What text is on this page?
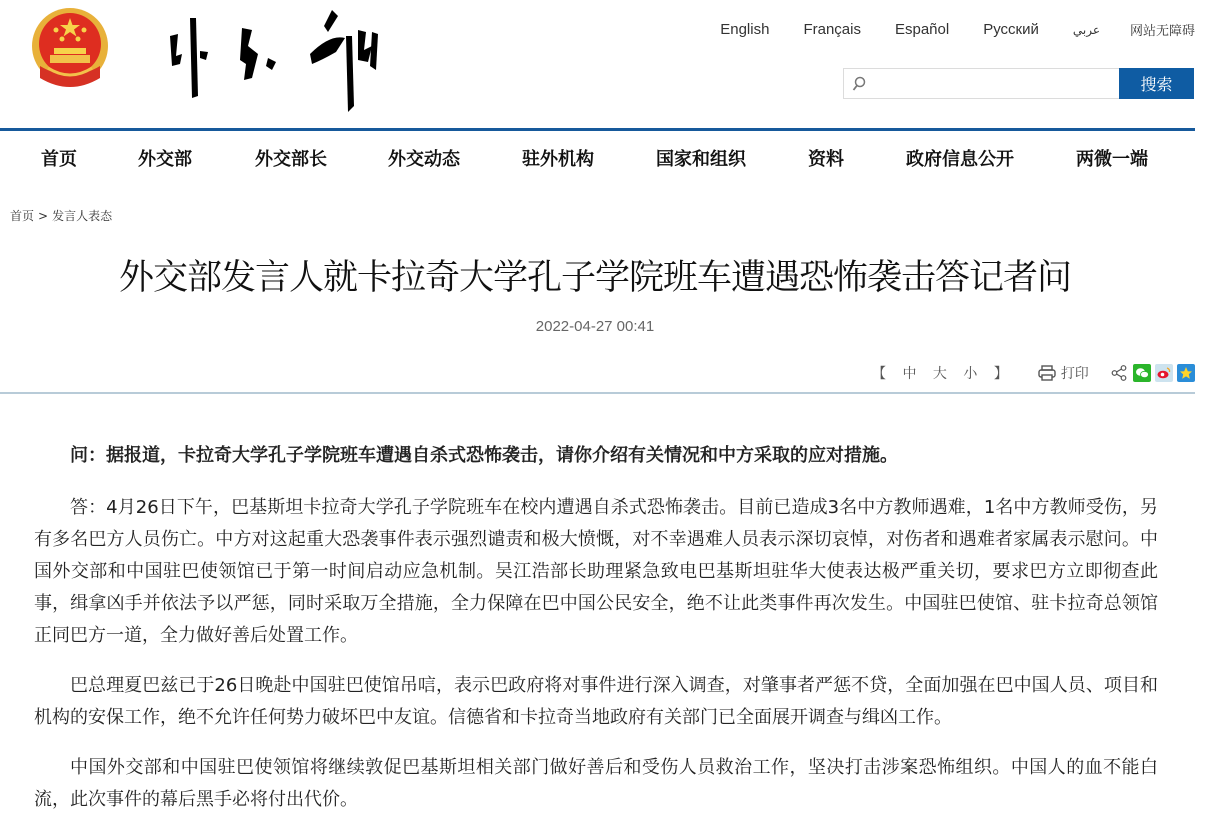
English Français Español Русский	عربي 网站无障碍
搜索
首页	外交部	外交部长	外交动态	驻外机构	国家和组织	资料	政府信息公开	两微一端
首页 > 发言人表态
外交部发言人就卡拉奇大学孔子学院班车遭遇恐怖袭击答记者问
2022-04-27 00:41
【 中 大 小 】	打印

问：据报道，卡拉奇大学孔子学院班车遭遇自杀式恐怖袭击，请你介绍有关情况和中方采取的应对措施。

答：4月26日下午，巴基斯坦卡拉奇大学孔子学院班车在校内遭遇自杀式恐怖袭击。目前已造成3名中方教师遇难，1名中方教师受伤，另有多名巴方人员伤亡。中方对这起重大恐袭事件表示强烈谴责和极大愤慨，对不幸遇难人员表示深切哀悼，对伤者和遇难者家属表示慰问。中国外交部和中国驻巴使领馆已于第一时间启动应急机制。吴江浩部长助理紧急致电巴基斯坦驻华大使表达极严重关切，要求巴方立即彻查此事，缉拿凶手并依法予以严惩，同时采取万全措施，全力保障在巴中国公民安全，绝不让此类事件再次发生。中国驻巴使馆、驻卡拉奇总领馆正同巴方一道，全力做好善后处置工作。

巴总理夏巴兹已于26日晚赴中国驻巴使馆吊唁，表示巴政府将对事件进行深入调查，对肇事者严惩不贷，全面加强在巴中国人员、项目和机构的安保工作，绝不允许任何势力破坏巴中友谊。信德省和卡拉奇当地政府有关部门已全面展开调查与缉凶工作。

中国外交部和中国驻巴使领馆将继续敦促巴基斯坦相关部门做好善后和受伤人员救治工作，坚决打击涉案恐怖组织。中国人的血不能白流，此次事件的幕后黑手必将付出代价。
